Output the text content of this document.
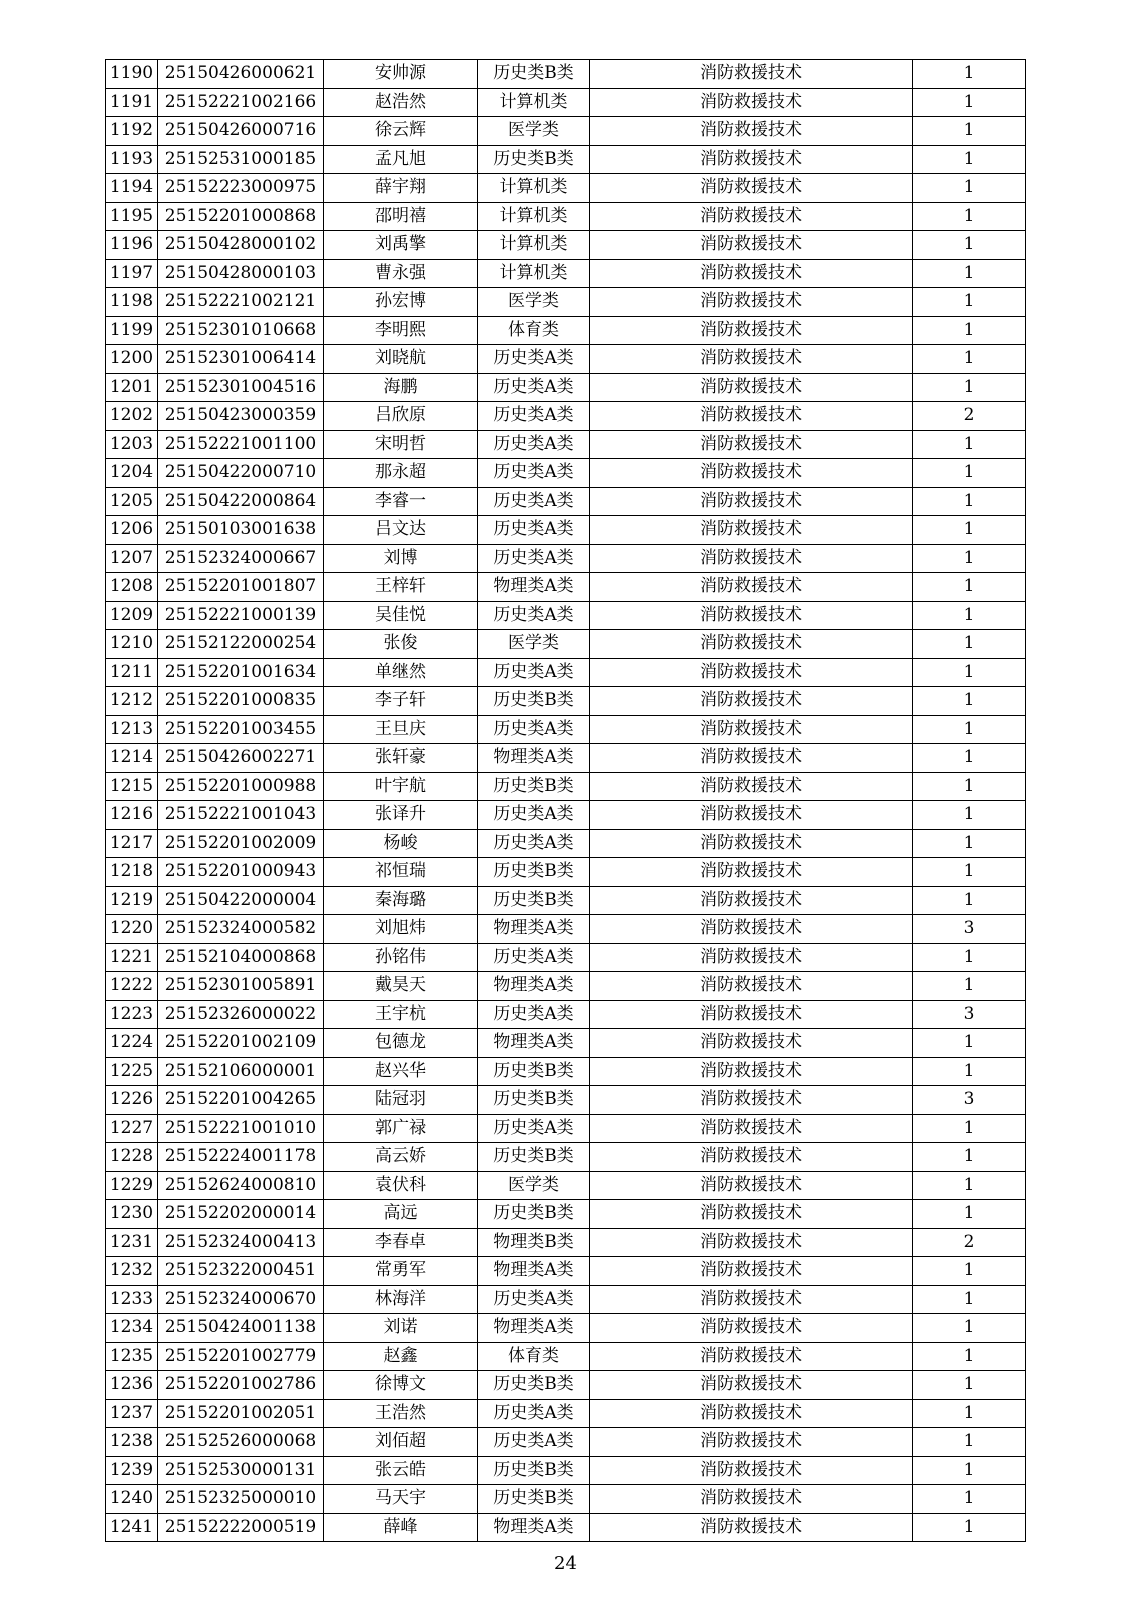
1190	25150426000621	安帅源	历史类B类	消防救援技术	1
1191	25152221002166	赵浩然	计算机类	消防救援技术	1
1192	25150426000716	徐云辉	医学类	消防救援技术	1
1193	25152531000185	孟凡旭	历史类B类	消防救援技术	1
1194	25152223000975	薛宇翔	计算机类	消防救援技术	1
1195	25152201000868	邵明禧	计算机类	消防救援技术	1
1196	25150428000102	刘禹擎	计算机类	消防救援技术	1
1197	25150428000103	曹永强	计算机类	消防救援技术	1
1198	25152221002121	孙宏博	医学类	消防救援技术	1
1199	25152301010668	李明熙	体育类	消防救援技术	1
1200	25152301006414	刘晓航	历史类A类	消防救援技术	1
1201	25152301004516	海鹏	历史类A类	消防救援技术	1
1202	25150423000359	吕欣原	历史类A类	消防救援技术	2
1203	25152221001100	宋明哲	历史类A类	消防救援技术	1
1204	25150422000710	那永超	历史类A类	消防救援技术	1
1205	25150422000864	李睿一	历史类A类	消防救援技术	1
1206	25150103001638	吕文达	历史类A类	消防救援技术	1
1207	25152324000667	刘博	历史类A类	消防救援技术	1
1208	25152201001807	王梓轩	物理类A类	消防救援技术	1
1209	25152221000139	吴佳悦	历史类A类	消防救援技术	1
1210	25152122000254	张俊	医学类	消防救援技术	1
1211	25152201001634	单继然	历史类A类	消防救援技术	1
1212	25152201000835	李子轩	历史类B类	消防救援技术	1
1213	25152201003455	王旦庆	历史类A类	消防救援技术	1
1214	25150426002271	张轩豪	物理类A类	消防救援技术	1
1215	25152201000988	叶宇航	历史类B类	消防救援技术	1
1216	25152221001043	张译升	历史类A类	消防救援技术	1
1217	25152201002009	杨峻	历史类A类	消防救援技术	1
1218	25152201000943	祁恒瑞	历史类B类	消防救援技术	1
1219	25150422000004	秦海璐	历史类B类	消防救援技术	1
1220	25152324000582	刘旭炜	物理类A类	消防救援技术	3
1221	25152104000868	孙铭伟	历史类A类	消防救援技术	1
1222	25152301005891	戴昊天	物理类A类	消防救援技术	1
1223	25152326000022	王宇杭	历史类A类	消防救援技术	3
1224	25152201002109	包德龙	物理类A类	消防救援技术	1
1225	25152106000001	赵兴华	历史类B类	消防救援技术	1
1226	25152201004265	陆冠羽	历史类B类	消防救援技术	3
1227	25152221001010	郭广禄	历史类A类	消防救援技术	1
1228	25152224001178	高云娇	历史类B类	消防救援技术	1
1229	25152624000810	袁伏科	医学类	消防救援技术	1
1230	25152202000014	高远	历史类B类	消防救援技术	1
1231	25152324000413	李春卓	物理类B类	消防救援技术	2
1232	25152322000451	常勇军	物理类A类	消防救援技术	1
1233	25152324000670	林海洋	历史类A类	消防救援技术	1
1234	25150424001138	刘诺	物理类A类	消防救援技术	1
1235	25152201002779	赵鑫	体育类	消防救援技术	1
1236	25152201002786	徐博文	历史类B类	消防救援技术	1
1237	25152201002051	王浩然	历史类A类	消防救援技术	1
1238	25152526000068	刘佰超	历史类A类	消防救援技术	1
1239	25152530000131	张云皓	历史类B类	消防救援技术	1
1240	25152325000010	马天宇	历史类B类	消防救援技术	1
1241	25152222000519	薛峰	物理类A类	消防救援技术	1
24
